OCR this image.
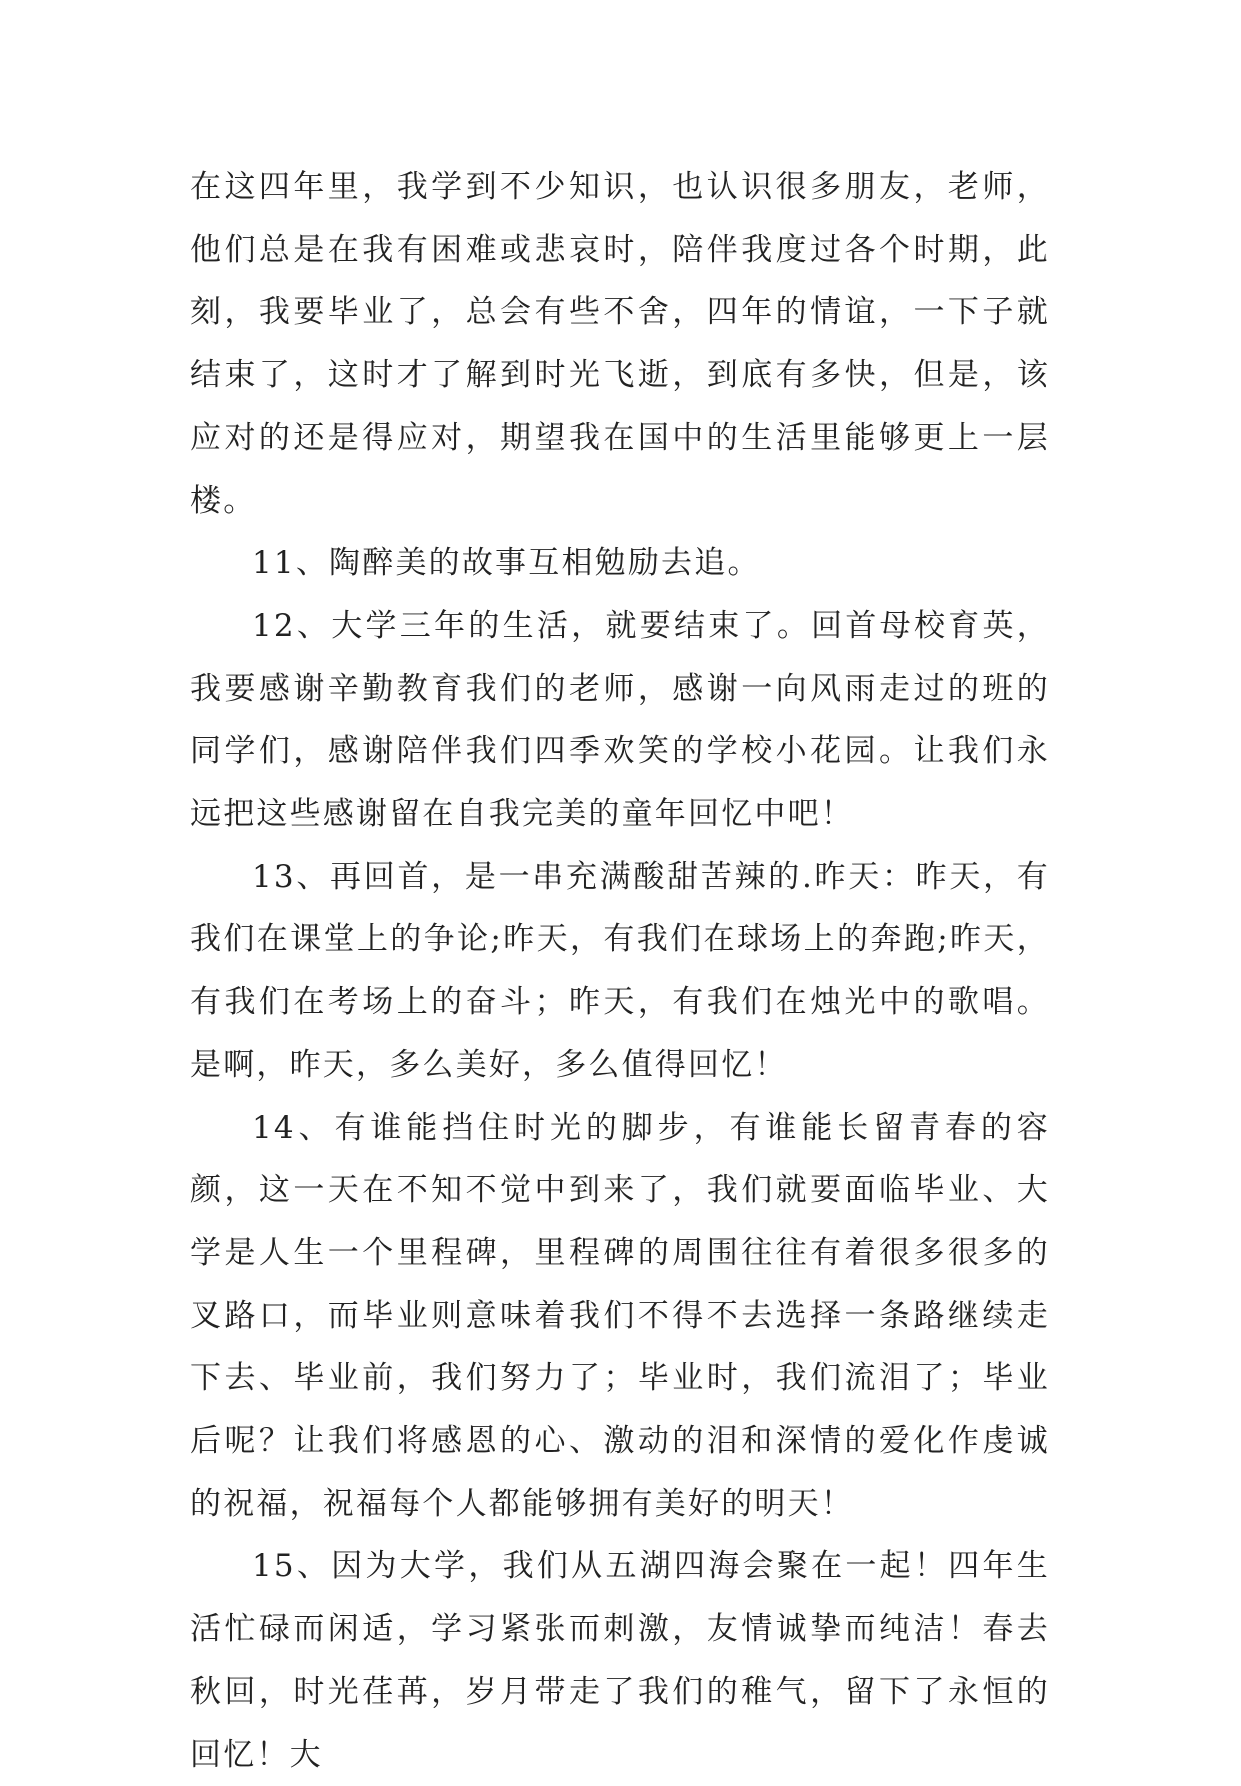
在这四年里，我学到不少知识，也认识很多朋友，老师，他们总是在我有困难或悲哀时，陪伴我度过各个时期，此刻，我要毕业了，总会有些不舍，四年的情谊，一下子就结束了，这时才了解到时光飞逝，到底有多快，但是，该应对的还是得应对，期望我在国中的生活里能够更上一层楼。

11、陶醉美的故事互相勉励去追。

12、大学三年的生活，就要结束了。回首母校育英，我要感谢辛勤教育我们的老师，感谢一向风雨走过的班的同学们，感谢陪伴我们四季欢笑的学校小花园。让我们永远把这些感谢留在自我完美的童年回忆中吧！

13、再回首，是一串充满酸甜苦辣的.昨天：昨天，有我们在课堂上的争论;昨天，有我们在球场上的奔跑;昨天，有我们在考场上的奋斗；昨天，有我们在烛光中的歌唱。是啊，昨天，多么美好，多么值得回忆！

14、有谁能挡住时光的脚步，有谁能长留青春的容颜，这一天在不知不觉中到来了，我们就要面临毕业、大学是人生一个里程碑，里程碑的周围往往有着很多很多的叉路口，而毕业则意味着我们不得不去选择一条路继续走下去、毕业前，我们努力了；毕业时，我们流泪了；毕业后呢？让我们将感恩的心、激动的泪和深情的爱化作虔诚的祝福，祝福每个人都能够拥有美好的明天！

15、因为大学，我们从五湖四海会聚在一起！四年生活忙碌而闲适，学习紧张而刺激，友情诚挚而纯洁！春去秋回，时光荏苒，岁月带走了我们的稚气，留下了永恒的回忆！大
